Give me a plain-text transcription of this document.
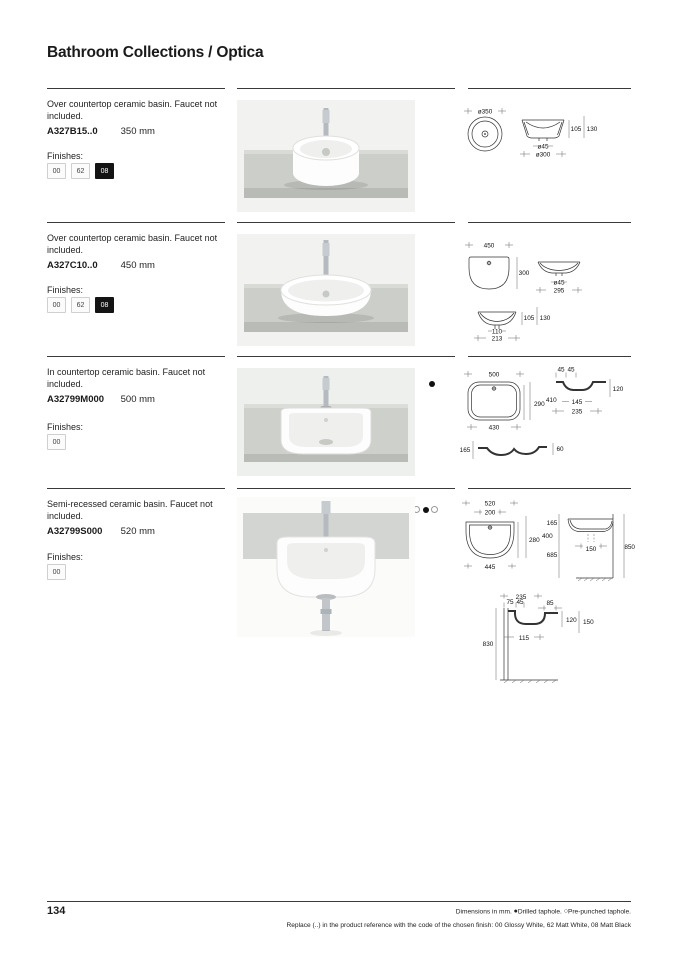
Bathroom Collections / Optica
Over countertop ceramic basin. Faucet not included.
A327B15..0 350 mm
Finishes:
00	62	08
ø350
105 130
ø45
ø300
Over countertop ceramic basin. Faucet not included.
A327C10..0 450 mm
Finishes:
00	62	08
450
300
ø45
295
105 130
110
213
In countertop ceramic basin. Faucet not included.
A32799M000 500 mm
Finishes:
00
500
290
410
430
45 45
120
145
235
165	60
Semi-recessed ceramic basin. Faucet not included.
A32799S000 520 mm
Finishes:
00
520
200
280
400
445
165
685
150	850
235
75 45	85
120 150
115
830
134	Dimensions in mm. ●Drilled taphole. ○Pre-punched taphole.
Replace (..) in the product reference with the code of the chosen finish: 00 Glossy White, 62 Matt White, 08 Matt Black
